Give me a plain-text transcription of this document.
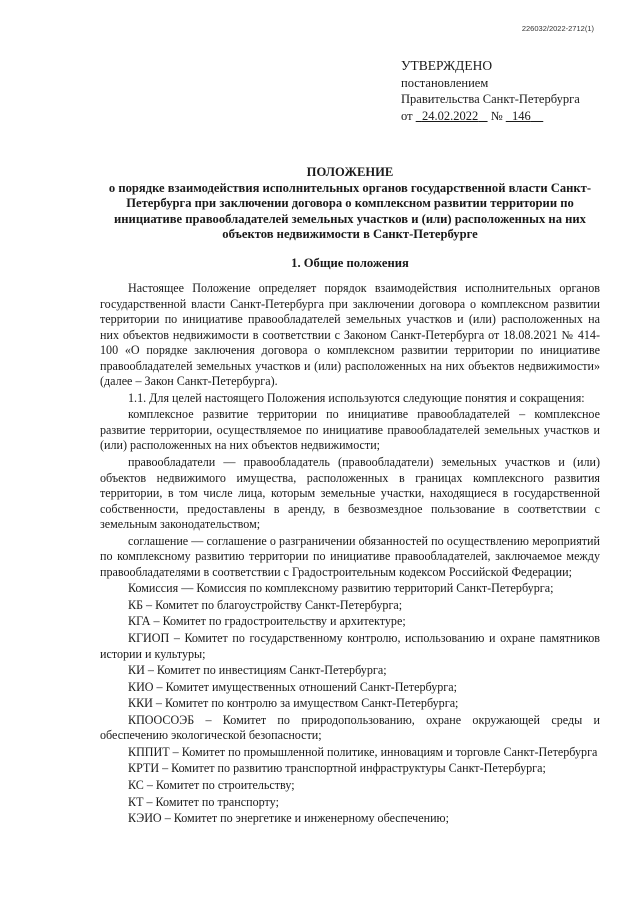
226032/2022-2712(1)
УТВЕРЖДЕНО
постановлением
Правительства Санкт-Петербурга
от 24.02.2022 № 146
ПОЛОЖЕНИЕ
о порядке взаимодействия исполнительных органов государственной власти Санкт-Петербурга при заключении договора о комплексном развитии территории по инициативе правообладателей земельных участков и (или) расположенных на них объектов недвижимости в Санкт-Петербурге
1. Общие положения

Настоящее Положение определяет порядок взаимодействия исполнительных органов государственной власти Санкт-Петербурга при заключении договора о комплексном развитии территории по инициативе правообладателей земельных участков и (или) расположенных на них объектов недвижимости в соответствии с Законом Санкт-Петербурга от 18.08.2021 № 414-100 «О порядке заключения договора о комплексном развитии территории по инициативе правообладателей земельных участков и (или) расположенных на них объектов недвижимости» (далее – Закон Санкт-Петербурга).

1.1. Для целей настоящего Положения используются следующие понятия и сокращения:

комплексное развитие территории по инициативе правообладателей – комплексное развитие территории, осуществляемое по инициативе правообладателей земельных участков и (или) расположенных на них объектов недвижимости;

правообладатели — правообладатель (правообладатели) земельных участков и (или) объектов недвижимого имущества, расположенных в границах комплексного развития территории, в том числе лица, которым земельные участки, находящиеся в государственной собственности, предоставлены в аренду, в безвозмездное пользование в соответствии с земельным законодательством;

соглашение — соглашение о разграничении обязанностей по осуществлению мероприятий по комплексному развитию территории по инициативе правообладателей, заключаемое между правообладателями в соответствии с Градостроительным кодексом Российской Федерации;

Комиссия — Комиссия по комплексному развитию территорий Санкт-Петербурга;

КБ – Комитет по благоустройству Санкт-Петербурга;

КГА – Комитет по градостроительству и архитектуре;

КГИОП – Комитет по государственному контролю, использованию и охране памятников истории и культуры;

КИ – Комитет по инвестициям Санкт-Петербурга;

КИО – Комитет имущественных отношений Санкт-Петербурга;

ККИ – Комитет по контролю за имуществом Санкт-Петербурга;

КПООСОЭБ – Комитет по природопользованию, охране окружающей среды и обеспечению экологической безопасности;

КППИТ – Комитет по промышленной политике, инновациям и торговле Санкт-Петербурга

КРТИ – Комитет по развитию транспортной инфраструктуры Санкт-Петербурга;

КС – Комитет по строительству;

КТ – Комитет по транспорту;

КЭИО – Комитет по энергетике и инженерному обеспечению;
